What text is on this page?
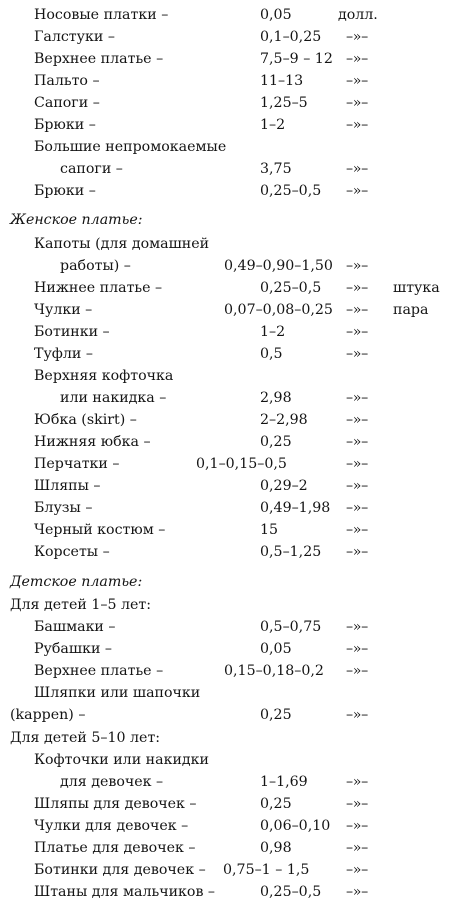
Носовые платки –	0,05	долл.
Галстуки –	0,1–0,25 –»–
Верхнее платье –	7,5–9 – 12 –»–
Пальто –	11–13	–»–
Сапоги –	1,25–5	–»–
Брюки –	1–2	–»–
Большие непромокаемые
сапоги –	3,75	–»–
Брюки –	0,25–0,5 –»–
Женское платье:
Капоты (для домашней
работы) –	0,49–0,90–1,50 –»–
Нижнее платье –	0,25–0,5 –»– штука
Чулки –	0,07–0,08–0,25 –»– пара
Ботинки –	1–2	–»–
Туфли –	0,5	–»–
Верхняя кофточка
или накидка –	2,98	–»–
Юбка (skirt) –	2–2,98	–»–
Нижняя юбка –	0,25	–»–
Перчатки –	0,1–0,15–0,5	–»–
Шляпы –	0,29–2	–»–
Блузы –	0,49–1,98 –»–
Черный костюм –	15	–»–
Корсеты –	0,5–1,25 –»–
Детское платье:
Для детей 1–5 лет:
Башмаки –	0,5–0,75 –»–
Рубашки –	0,05	–»–
Верхнее платье –	0,15–0,18–0,2 –»–
Шляпки или шапочки
(kappen) –	0,25	–»–
Для детей 5–10 лет:
Кофточки или накидки
для девочек –	1–1,69	–»–
Шляпы для девочек –	0,25	–»–
Чулки для девочек –	0,06–0,10 –»–
Платье для девочек –	0,98	–»–
Ботинки для девочек – 0,75–1 – 1,5	–»–
Штаны для мальчиков –	0,25–0,5 –»–
